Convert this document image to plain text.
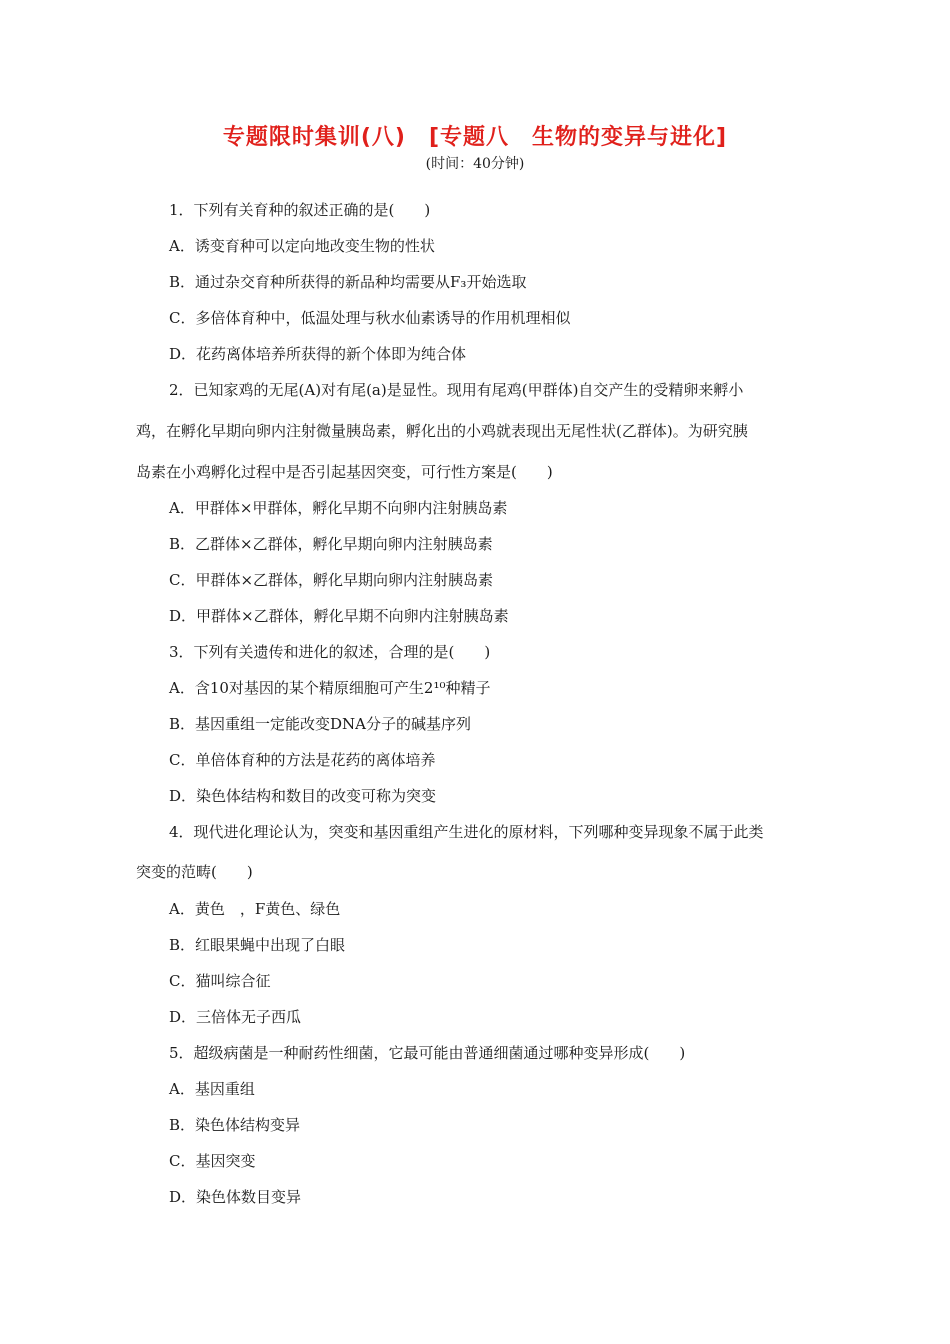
专题限时集训(八)　[专题八　生物的变异与进化]
(时间：40分钟)
1．下列有关育种的叙述正确的是(　　)
A．诱变育种可以定向地改变生物的性状
B．通过杂交育种所获得的新品种均需要从F₃开始选取
C．多倍体育种中，低温处理与秋水仙素诱导的作用机理相似
D．花药离体培养所获得的新个体即为纯合体
2．已知家鸡的无尾(A)对有尾(a)是显性。现用有尾鸡(甲群体)自交产生的受精卵来孵小
鸡，在孵化早期向卵内注射微量胰岛素，孵化出的小鸡就表现出无尾性状(乙群体)。为研究胰
岛素在小鸡孵化过程中是否引起基因突变，可行性方案是(　　)
A．甲群体×甲群体，孵化早期不向卵内注射胰岛素
B．乙群体×乙群体，孵化早期向卵内注射胰岛素
C．甲群体×乙群体，孵化早期向卵内注射胰岛素
D．甲群体×乙群体，孵化早期不向卵内注射胰岛素
3．下列有关遗传和进化的叙述，合理的是(　　)
A．含10对基因的某个精原细胞可产生2¹⁰种精子
B．基因重组一定能改变DNA分子的碱基序列
C．单倍体育种的方法是花药的离体培养
D．染色体结构和数目的改变可称为突变
4．现代进化理论认为，突变和基因重组产生进化的原材料，下列哪种变异现象不属于此类
突变的范畴(　　)
A．黄色　，F黄色、绿色
B．红眼果蝇中出现了白眼
C．猫叫综合征
D．三倍体无子西瓜
5．超级病菌是一种耐药性细菌，它最可能由普通细菌通过哪种变异形成(　　)
A．基因重组
B．染色体结构变异
C．基因突变
D．染色体数目变异
